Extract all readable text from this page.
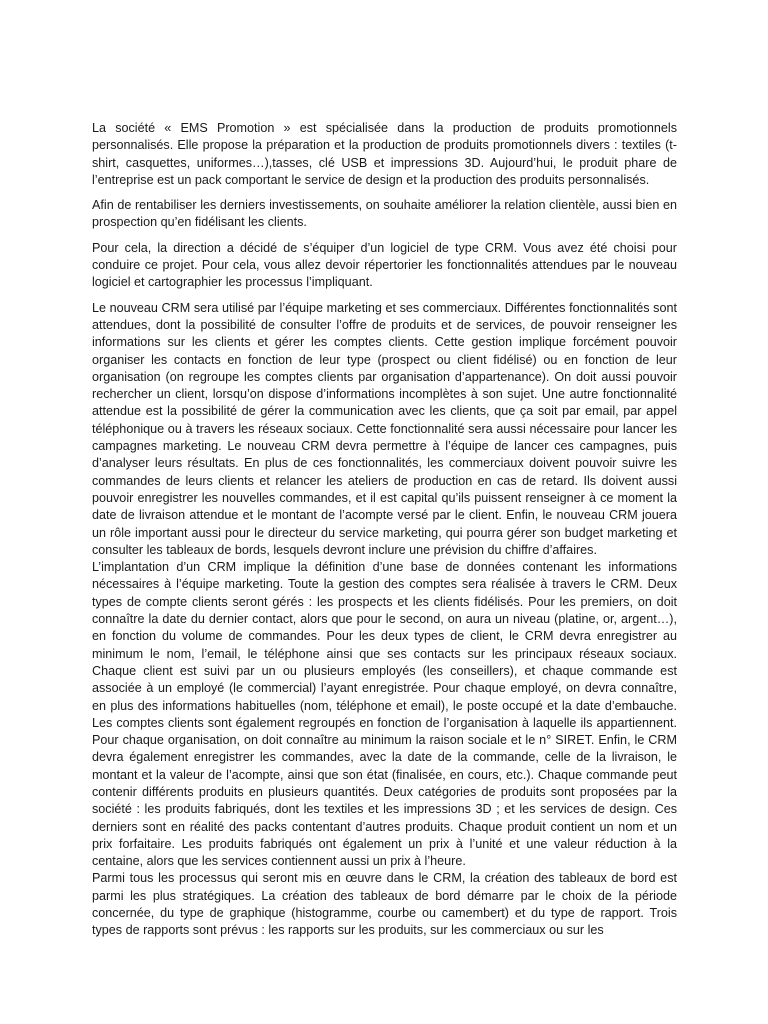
La société « EMS Promotion » est spécialisée dans la production de produits promotionnels personnalisés. Elle propose la préparation et la production de produits promotionnels divers : textiles (t-shirt, casquettes, uniformes…),tasses, clé USB et impressions 3D. Aujourd’hui, le produit phare de l’entreprise est un pack comportant le service de design et la production des produits personnalisés.

Afin de rentabiliser les derniers investissements, on souhaite améliorer la relation clientèle, aussi bien en prospection qu’en fidélisant les clients.

Pour cela, la direction a décidé de s’équiper d’un logiciel de type CRM. Vous avez été choisi pour conduire ce projet. Pour cela, vous allez devoir répertorier les fonctionnalités attendues par le nouveau logiciel et cartographier les processus l’impliquant.

Le nouveau CRM sera utilisé par l’équipe marketing et ses commerciaux. Différentes fonctionnalités sont attendues, dont la possibilité de consulter l’offre de produits et de services, de pouvoir renseigner les informations sur les clients et gérer les comptes clients. Cette gestion implique forcément pouvoir organiser les contacts en fonction de leur type (prospect ou client fidélisé) ou en fonction de leur organisation (on regroupe les comptes clients par organisation d’appartenance). On doit aussi pouvoir rechercher un client, lorsqu’on dispose d’informations incomplètes à son sujet. Une autre fonctionnalité attendue est la possibilité de gérer la communication avec les clients, que ça soit par email, par appel téléphonique ou à travers les réseaux sociaux. Cette fonctionnalité sera aussi nécessaire pour lancer les campagnes marketing. Le nouveau CRM devra permettre à l’équipe de lancer ces campagnes, puis d’analyser leurs résultats. En plus de ces fonctionnalités, les commerciaux doivent pouvoir suivre les commandes de leurs clients et relancer les ateliers de production en cas de retard. Ils doivent aussi pouvoir enregistrer les nouvelles commandes, et il est capital qu’ils puissent renseigner à ce moment la date de livraison attendue et le montant de l’acompte versé par le client. Enfin, le nouveau CRM jouera un rôle important aussi pour le directeur du service marketing, qui pourra gérer son budget marketing et consulter les tableaux de bords, lesquels devront inclure une prévision du chiffre d’affaires.

L’implantation d’un CRM implique la définition d’une base de données contenant les informations nécessaires à l’équipe marketing. Toute la gestion des comptes sera réalisée à travers le CRM. Deux types de compte clients seront gérés : les prospects et les clients fidélisés. Pour les premiers, on doit connaître la date du dernier contact, alors que pour le second, on aura un niveau (platine, or, argent…), en fonction du volume de commandes. Pour les deux types de client, le CRM devra enregistrer au minimum le nom, l’email, le téléphone ainsi que ses contacts sur les principaux réseaux sociaux. Chaque client est suivi par un ou plusieurs employés (les conseillers), et chaque commande est associée à un employé (le commercial) l’ayant enregistrée. Pour chaque employé, on devra connaître, en plus des informations habituelles (nom, téléphone et email), le poste occupé et la date d’embauche. Les comptes clients sont également regroupés en fonction de l’organisation à laquelle ils appartiennent. Pour chaque organisation, on doit connaître au minimum la raison sociale et le n° SIRET. Enfin, le CRM devra également enregistrer les commandes, avec la date de la commande, celle de la livraison, le montant et la valeur de l’acompte, ainsi que son état (finalisée, en cours, etc.). Chaque commande peut contenir différents produits en plusieurs quantités. Deux catégories de produits sont proposées par la société : les produits fabriqués, dont les textiles et les impressions 3D ; et les services de design. Ces derniers sont en réalité des packs contentant d’autres produits. Chaque produit contient un nom et un prix forfaitaire. Les produits fabriqués ont également un prix à l’unité et une valeur réduction à la centaine, alors que les services contiennent aussi un prix à l’heure.

Parmi tous les processus qui seront mis en œuvre dans le CRM, la création des tableaux de bord est parmi les plus stratégiques. La création des tableaux de bord démarre par le choix de la période concernée, du type de graphique (histogramme, courbe ou camembert) et du type de rapport. Trois types de rapports sont prévus : les rapports sur les produits, sur les commerciaux ou sur les
